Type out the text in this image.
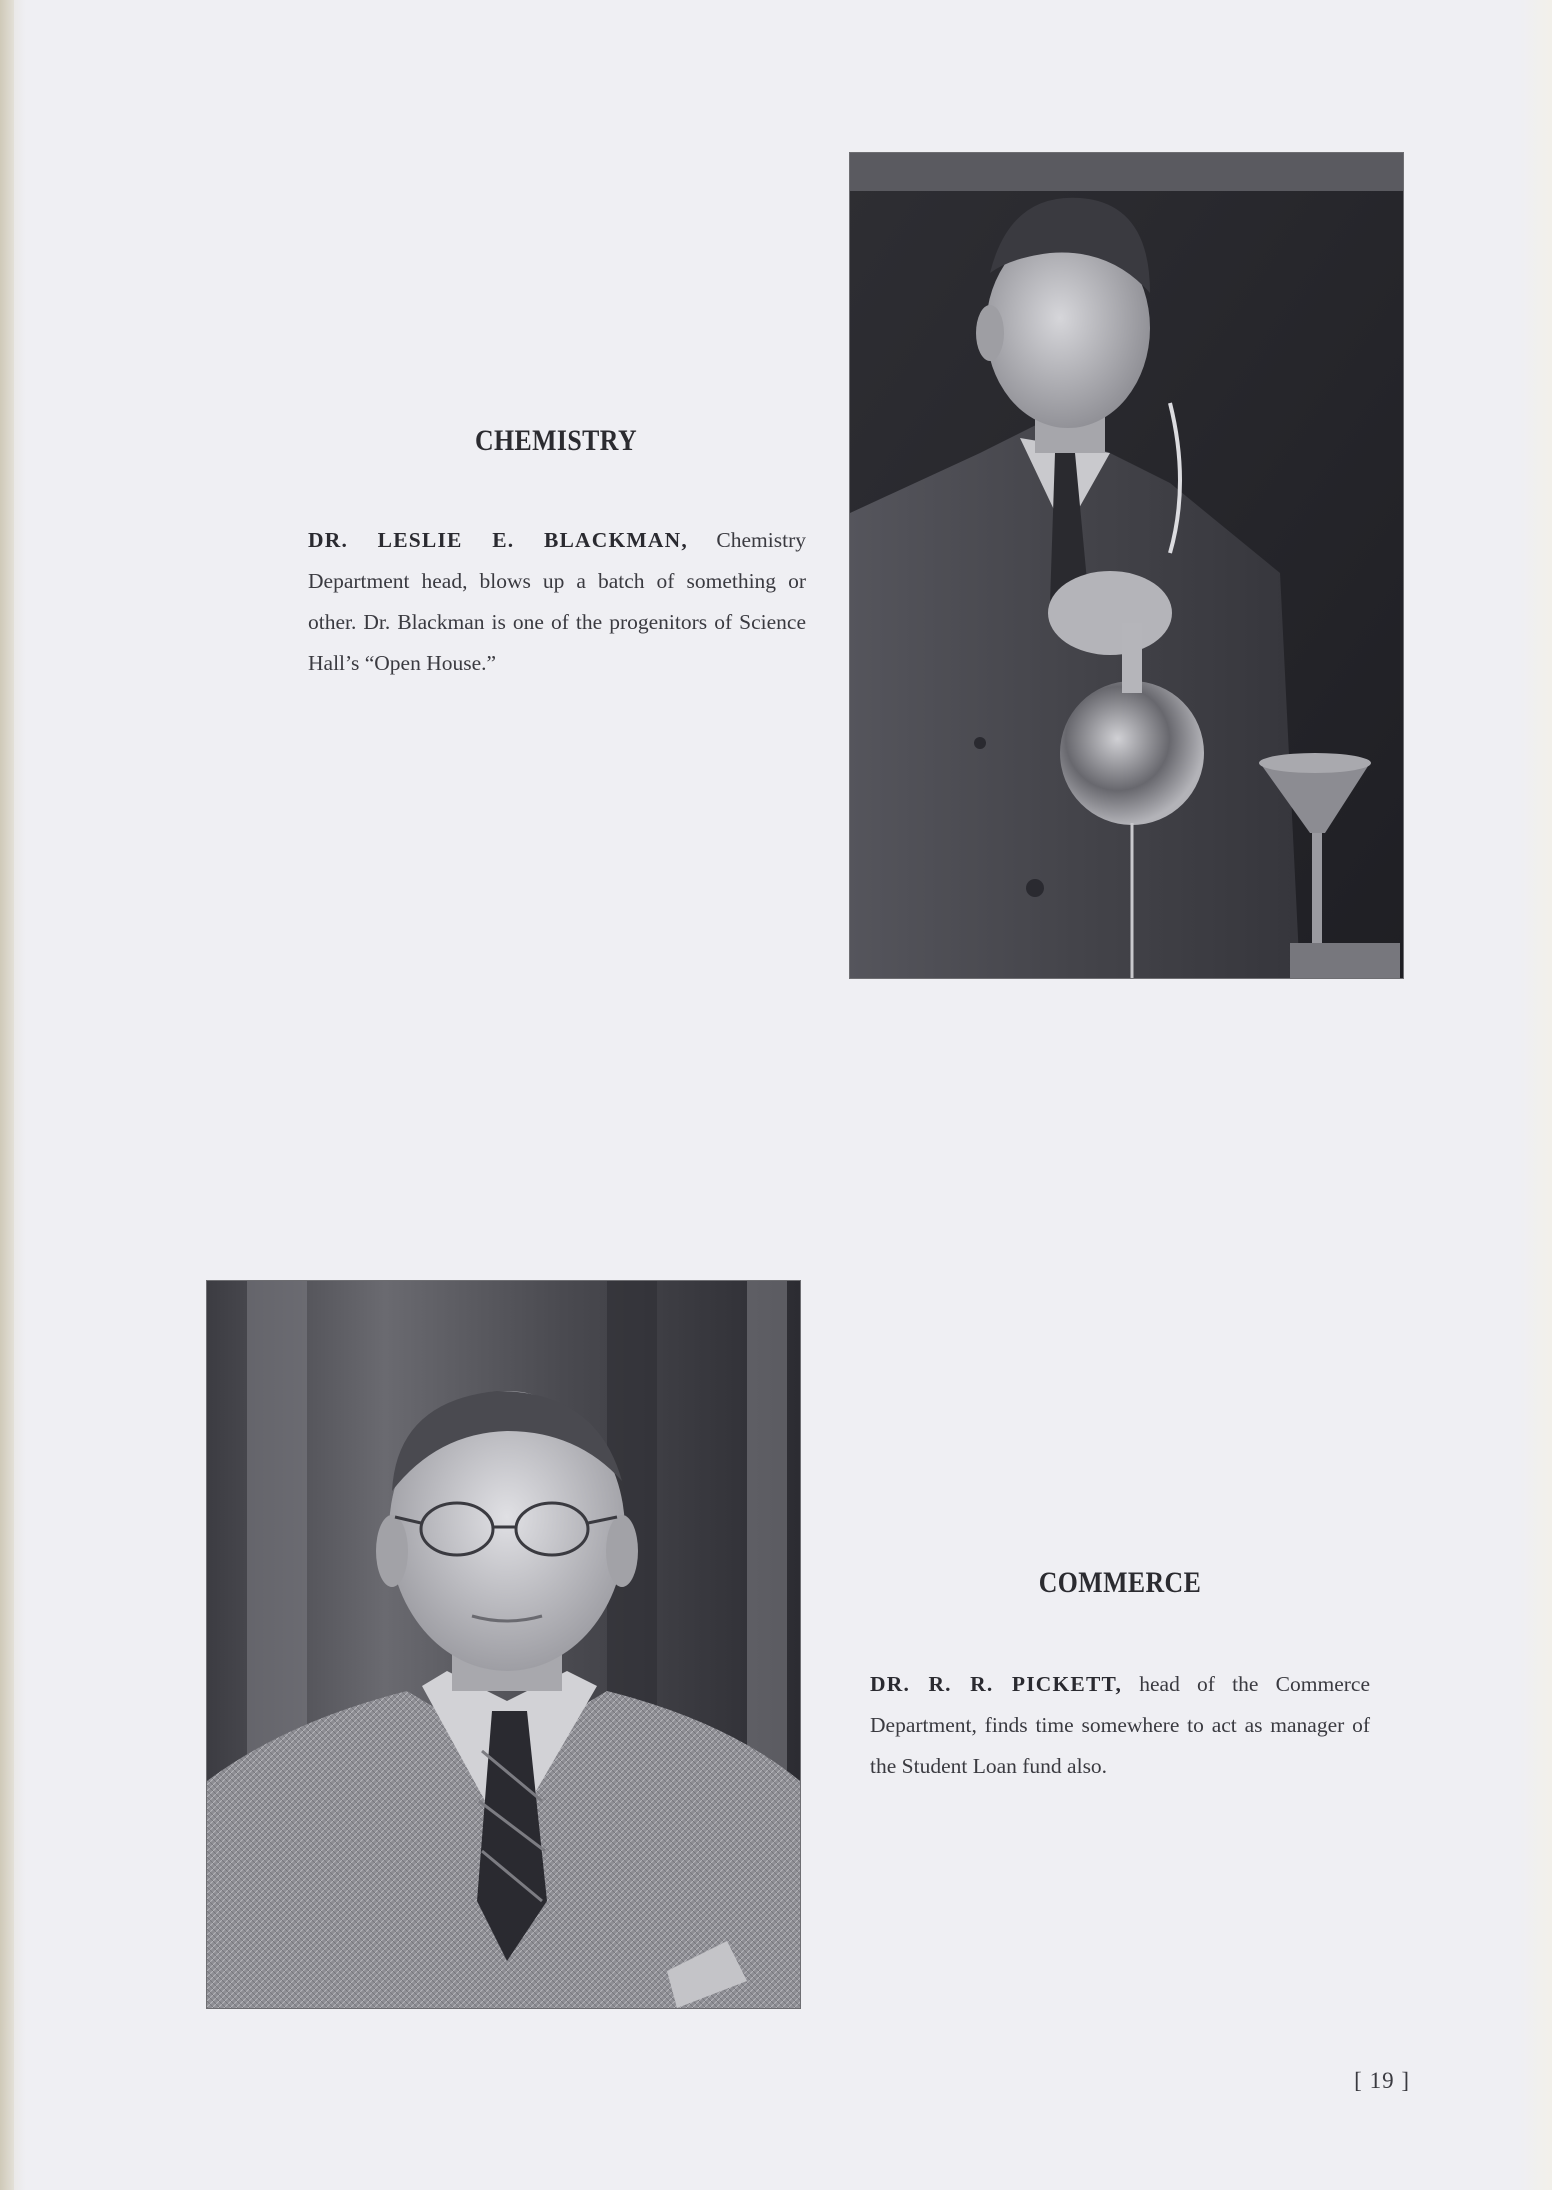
CHEMISTRY

DR. LESLIE E. BLACKMAN, Chemistry Department head, blows up a batch of something or other. Dr. Blackman is one of the progenitors of Science Hall’s “Open House.”

COMMERCE

DR. R. R. PICKETT, head of the Commerce Department, finds time somewhere to act as manager of the Student Loan fund also.

[ 19 ]
